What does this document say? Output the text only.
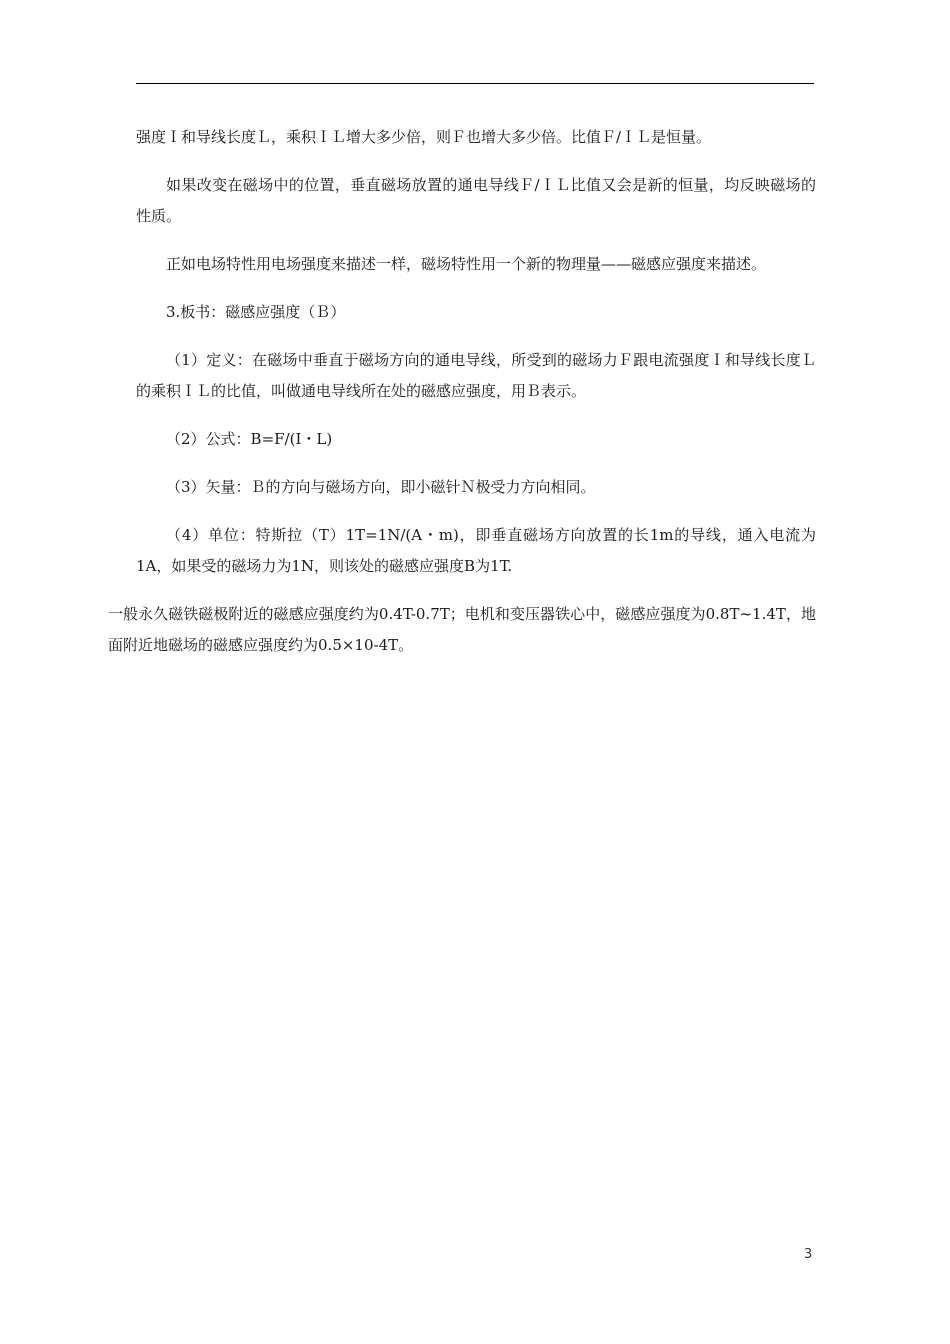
强度Ｉ和导线长度Ｌ，乘积ＩＬ增大多少倍，则Ｆ也增大多少倍。比值Ｆ/ＩＬ是恒量。

如果改变在磁场中的位置，垂直磁场放置的通电导线Ｆ/ＩＬ比值又会是新的恒量，均反映磁场的性质。

正如电场特性用电场强度来描述一样，磁场特性用一个新的物理量——磁感应强度来描述。

3.板书：磁感应强度（Ｂ）

（1）定义：在磁场中垂直于磁场方向的通电导线，所受到的磁场力Ｆ跟电流强度Ｉ和导线长度Ｌ的乘积ＩＬ的比值，叫做通电导线所在处的磁感应强度，用Ｂ表示。

（2）公式：B=F/(I・L)

（3）矢量：Ｂ的方向与磁场方向，即小磁针Ｎ极受力方向相同。

（4）单位：特斯拉（T）1T=1N/(A・m)，即垂直磁场方向放置的长1m的导线，通入电流为1A，如果受的磁场力为1N，则该处的磁感应强度B为1T.

一般永久磁铁磁极附近的磁感应强度约为0.4T-0.7T；电机和变压器铁心中，磁感应强度为0.8T~1.4T，地面附近地磁场的磁感应强度约为0.5×10-4T。

3
